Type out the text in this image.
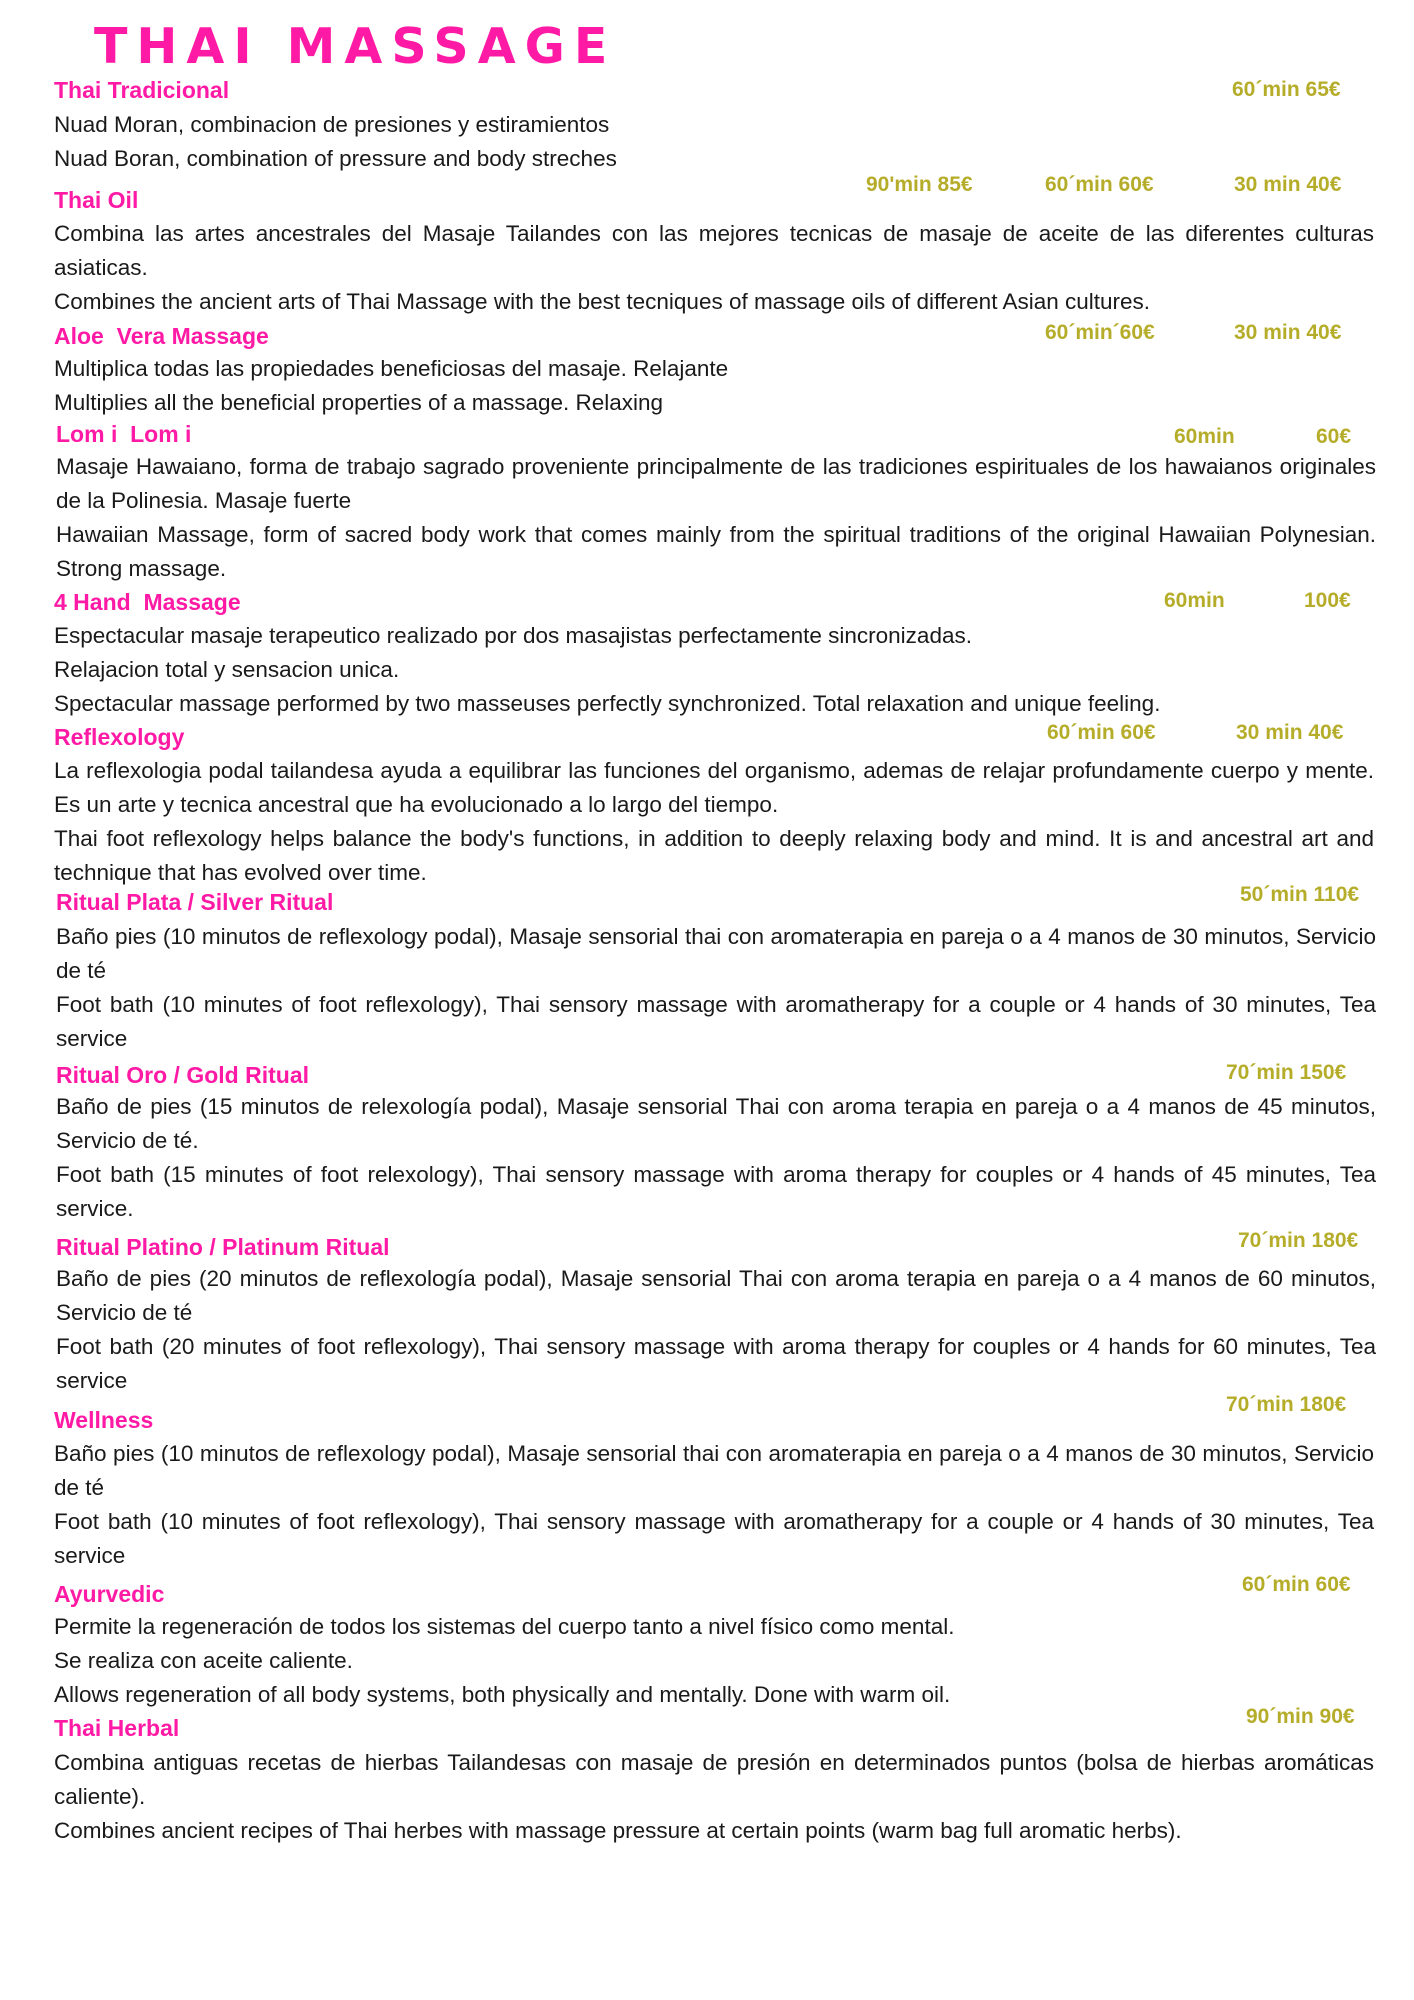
THAI MASSAGE
Thai Tradicional	60´min 65€
Nuad Moran, combinacion de presiones y estiramientos
Nuad Boran, combination of pressure and body streches
Thai Oil
90'min 85€	60´min 60€	30 min 40€
Combina las artes ancestrales del Masaje Tailandes con las mejores tecnicas de masaje de aceite de las diferentes culturas asiaticas.
Combines the ancient arts of Thai Massage with the best tecniques of massage oils of different Asian cultures.
Aloe  Vera Massage	60´min´60€	30 min 40€
Multiplica todas las propiedades beneficiosas del masaje. Relajante
Multiplies all the beneficial properties of a massage. Relaxing
Lom i  Lom i	60min	60€
Masaje Hawaiano, forma de trabajo sagrado proveniente principalmente de las tradiciones espirituales de los hawaianos originales de la Polinesia. Masaje fuerte
Hawaiian Massage, form of sacred body work that comes mainly from the spiritual traditions of the original Hawaiian Polynesian. Strong massage.
4 Hand  Massage	60min	100€
Espectacular masaje terapeutico realizado por dos masajistas perfectamente sincronizadas.
Relajacion total y sensacion unica.
Spectacular massage performed by two masseuses perfectly synchronized. Total relaxation and unique feeling.
Reflexology	60´min 60€	30 min 40€
La reflexologia podal tailandesa ayuda a equilibrar las funciones del organismo, ademas de relajar profundamente cuerpo y mente. Es un arte y tecnica ancestral que ha evolucionado a lo largo del tiempo.
Thai foot reflexology helps balance the body's functions, in addition to deeply relaxing body and mind. It is and ancestral art and technique that has evolved over time.
Ritual Plata / Silver Ritual	50´min 110€
Baño pies (10 minutos de reflexology podal), Masaje sensorial thai con aromaterapia en pareja o a 4 manos de 30 minutos, Servicio de té
Foot bath (10 minutes of foot reflexology), Thai sensory massage with aromatherapy for a couple or 4 hands of 30 minutes, Tea service
Ritual Oro / Gold Ritual	70´min 150€
Baño de pies (15 minutos de relexología podal), Masaje sensorial Thai con aroma terapia en pareja o a 4 manos de 45 minutos, Servicio de té.
Foot bath (15 minutes of foot relexology), Thai sensory massage with aroma therapy for couples or 4 hands of 45 minutes, Tea service.
Ritual Platino / Platinum Ritual	70´min 180€
Baño de pies (20 minutos de reflexología podal), Masaje sensorial Thai con aroma terapia en pareja o a 4 manos de 60 minutos, Servicio de té
Foot bath (20 minutes of foot reflexology), Thai sensory massage with aroma therapy for couples or 4 hands for 60 minutes, Tea service
Wellness
70´min 180€
Baño pies (10 minutos de reflexology podal), Masaje sensorial thai con aromaterapia en pareja o a 4 manos de 30 minutos, Servicio de té
Foot bath (10 minutes of foot reflexology), Thai sensory massage with aromatherapy for a couple or 4 hands of 30 minutes, Tea service
Ayurvedic	60´min 60€
Permite la regeneración de todos los sistemas del cuerpo tanto a nivel físico como mental.
Se realiza con aceite caliente.
Allows regeneration of all body systems, both physically and mentally. Done with warm oil.
Thai Herbal	90´min 90€
Combina antiguas recetas de hierbas Tailandesas con masaje de presión en determinados puntos (bolsa de hierbas aromáticas caliente).
Combines ancient recipes of Thai herbes with massage pressure at certain points (warm bag full aromatic herbs).
